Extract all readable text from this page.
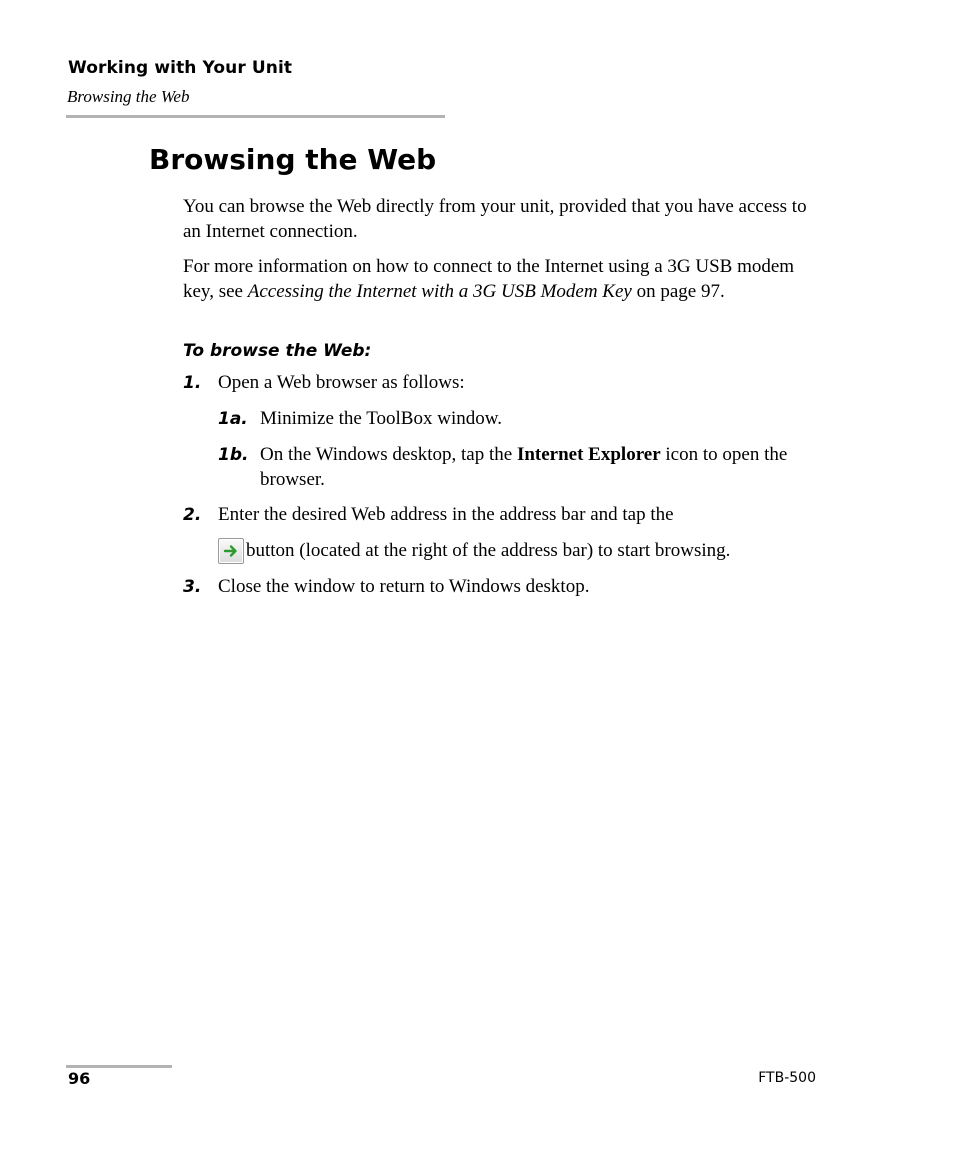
Working with Your Unit
Browsing the Web
Browsing the Web

You can browse the Web directly from your unit, provided that you have access to an Internet connection.

For more information on how to connect to the Internet using a 3G USB modem key, see Accessing the Internet with a 3G USB Modem Key on page 97.

To browse the Web:
1. Open a Web browser as follows:
1a. Minimize the ToolBox window.
1b. On the Windows desktop, tap the Internet Explorer icon to open the browser.
2. Enter the desired Web address in the address bar and tap the
button (located at the right of the address bar) to start browsing.
3. Close the window to return to Windows desktop.
96	FTB-500
